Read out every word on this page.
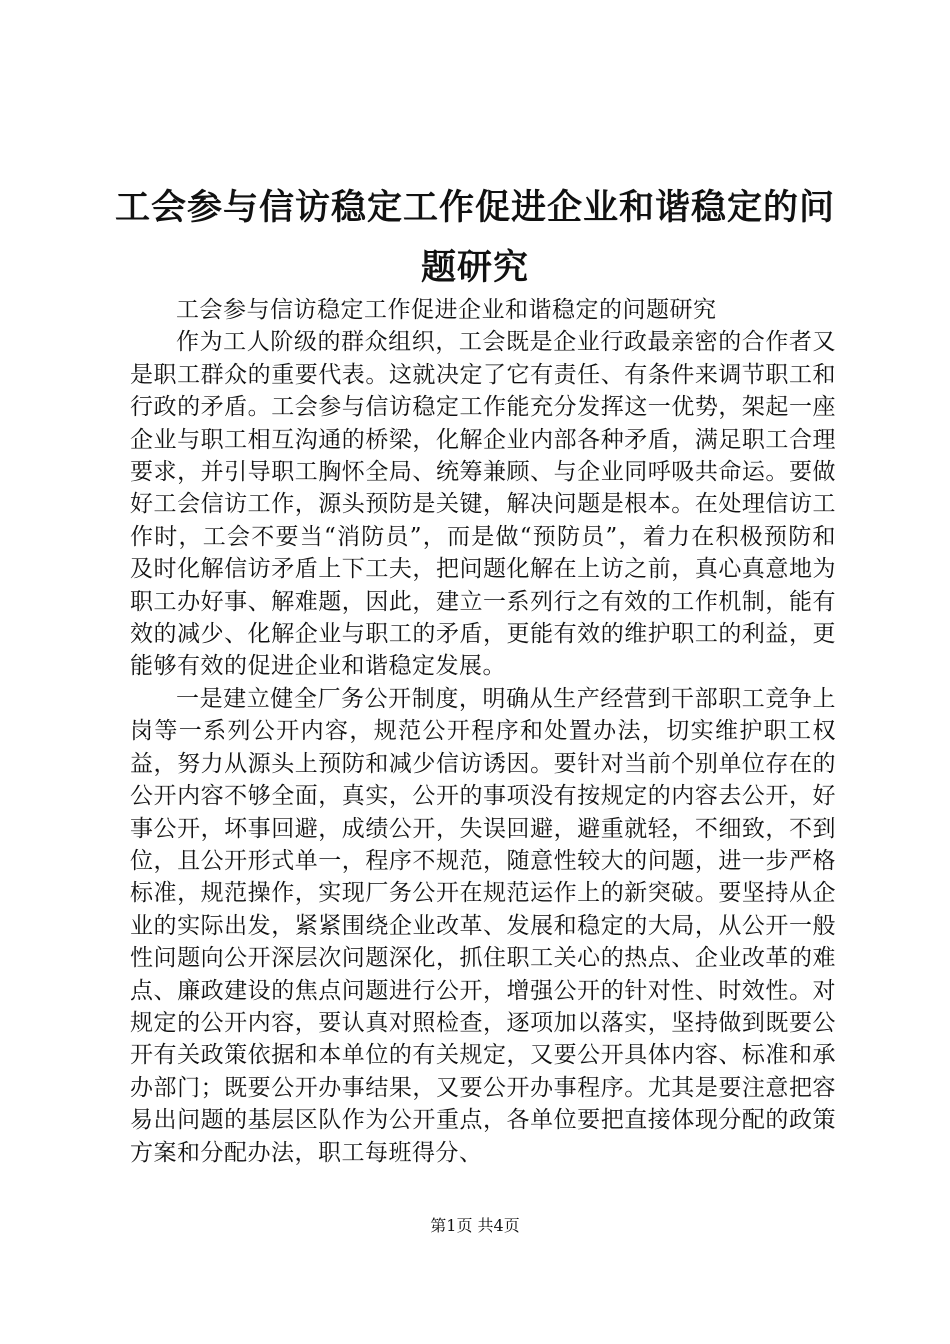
工会参与信访稳定工作促进企业和谐稳定的问题研究

工会参与信访稳定工作促进企业和谐稳定的问题研究

作为工人阶级的群众组织，工会既是企业行政最亲密的合作者又是职工群众的重要代表。这就决定了它有责任、有条件来调节职工和行政的矛盾。工会参与信访稳定工作能充分发挥这一优势，架起一座企业与职工相互沟通的桥梁，化解企业内部各种矛盾，满足职工合理要求，并引导职工胸怀全局、统筹兼顾、与企业同呼吸共命运。要做好工会信访工作，源头预防是关键，解决问题是根本。在处理信访工作时，工会不要当“消防员”，而是做“预防员”，着力在积极预防和及时化解信访矛盾上下工夫，把问题化解在上访之前，真心真意地为职工办好事、解难题，因此，建立一系列行之有效的工作机制，能有效的减少、化解企业与职工的矛盾，更能有效的维护职工的利益，更能够有效的促进企业和谐稳定发展。

一是建立健全厂务公开制度，明确从生产经营到干部职工竞争上岗等一系列公开内容，规范公开程序和处置办法，切实维护职工权益，努力从源头上预防和减少信访诱因。要针对当前个别单位存在的公开内容不够全面，真实，公开的事项没有按规定的内容去公开，好事公开，坏事回避，成绩公开，失误回避，避重就轻，不细致，不到位，且公开形式单一，程序不规范，随意性较大的问题，进一步严格标准，规范操作，实现厂务公开在规范运作上的新突破。要坚持从企业的实际出发，紧紧围绕企业改革、发展和稳定的大局，从公开一般性问题向公开深层次问题深化，抓住职工关心的热点、企业改革的难点、廉政建设的焦点问题进行公开，增强公开的针对性、时效性。对规定的公开内容，要认真对照检查，逐项加以落实，坚持做到既要公开有关政策依据和本单位的有关规定，又要公开具体内容、标准和承办部门；既要公开办事结果，又要公开办事程序。尤其是要注意把容易出问题的基层区队作为公开重点，各单位要把直接体现分配的政策方案和分配办法，职工每班得分、

第1页 共4页
